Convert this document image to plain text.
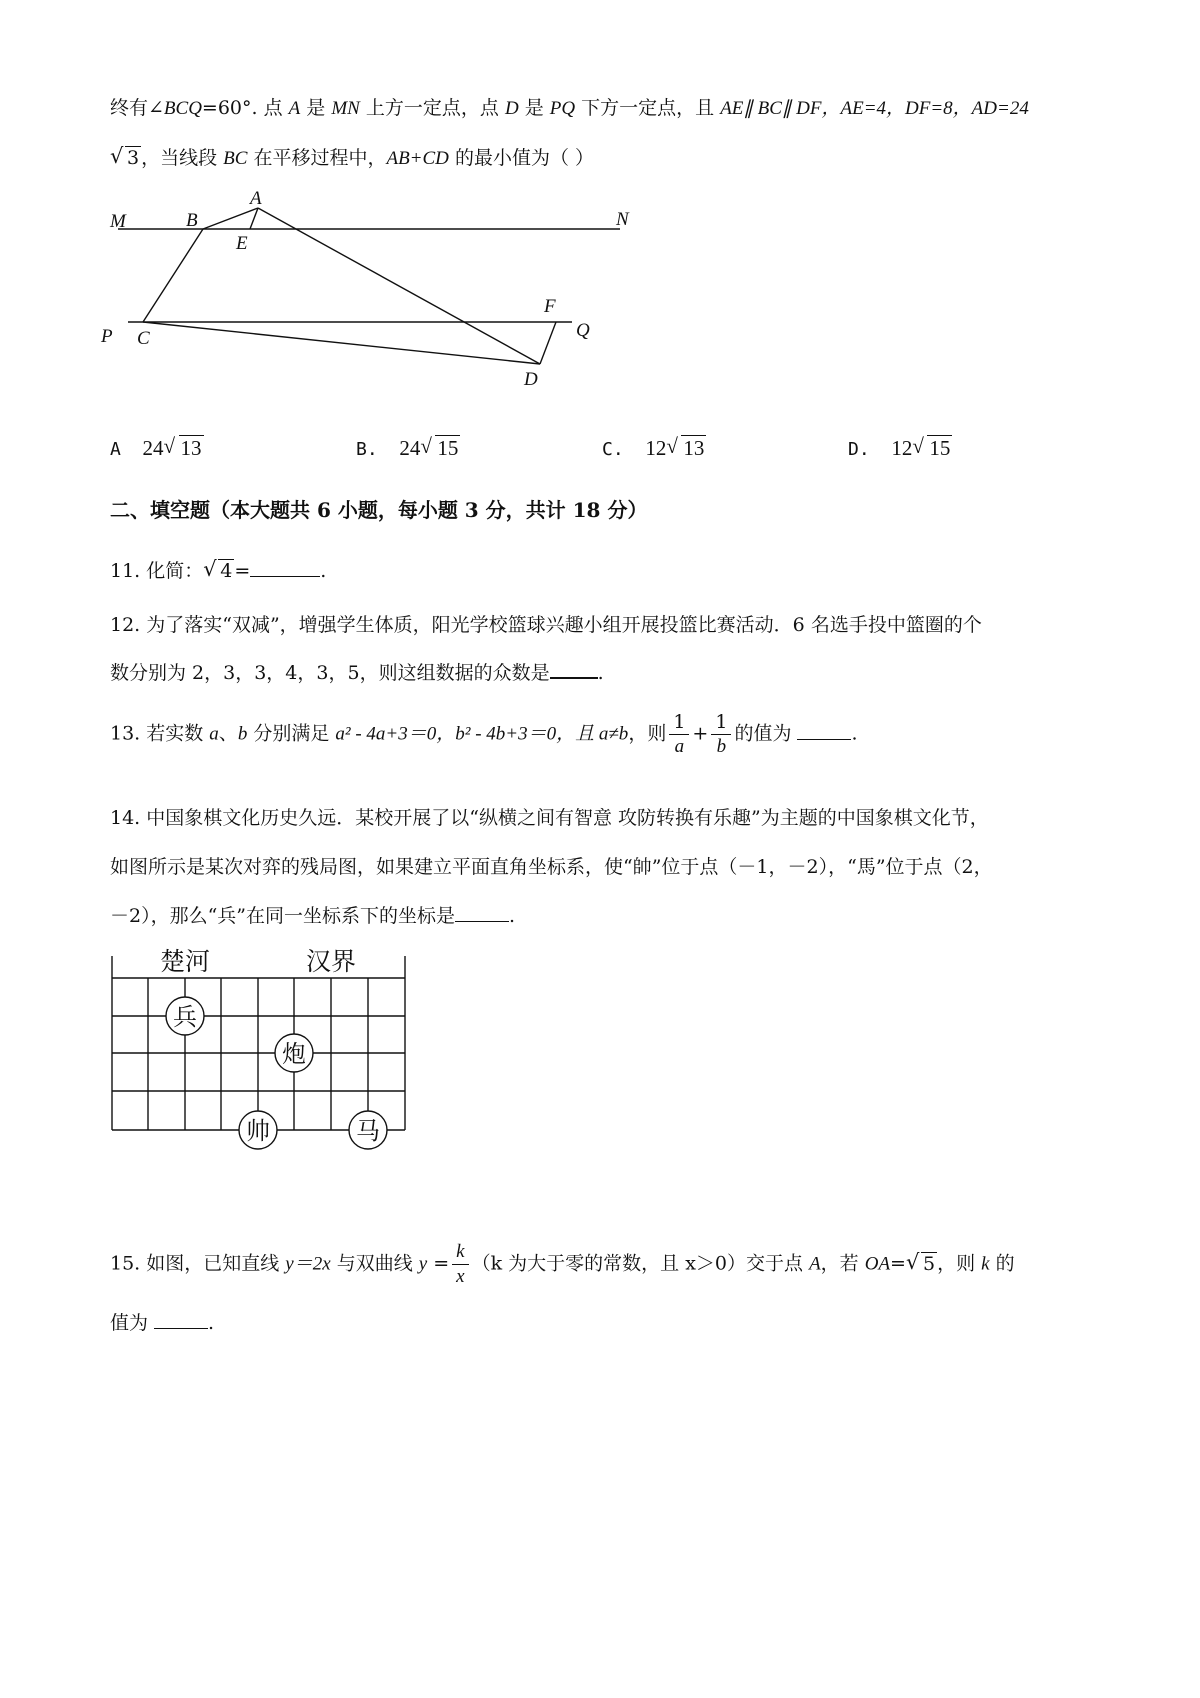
终有∠BCQ=60°. 点 A 是 MN 上方一定点，点 D 是 PQ 下方一定点，且 AE∥ BC∥ DF，AE=4，DF=8，AD=24
√ 3 ，当线段 BC 在平移过程中，AB+CD 的最小值为（ ）
M	B
A
E
N
F
P C	Q
D
A 24 √ 13	B. 24 √ 15	C. 12 √ 13	D. 12 √ 15
二、填空题（本大题共 6 小题，每小题 3 分，共计 18 分）
11. 化简： √ 4 =	.
12. 为了落实“双减”，增强学生体质，阳光学校篮球兴趣小组开展投篮比赛活动．6 名选手投中篮圈的个
数分别为 2，3，3，4，3，5，则这组数据的众数是	.
13. 若实数 a、b 分别满足 a² - 4a+3＝0，b² - 4b+3＝0，且 a≠b，则 $\frac{1}{a} + \frac{1}{b}$ 的值为	.
14. 中国象棋文化历史久远．某校开展了以“纵横之间有智意 攻防转换有乐趣”为主题的中国象棋文化节，
如图所示是某次对弈的残局图，如果建立平面直角坐标系，使“帥”位于点（－1，－2），“馬”位于点（2，
－2），那么“兵”在同一坐标系下的坐标是	.
楚河	汉界
兵
炮
帅	马
15. 如图，已知直线 y＝2x 与双曲线 $y = \frac{k}{x} (k$ 为大于零的常数，且 x＞0）交于点 A，若 OA= √ 5 ，则 k 的
值为	.
